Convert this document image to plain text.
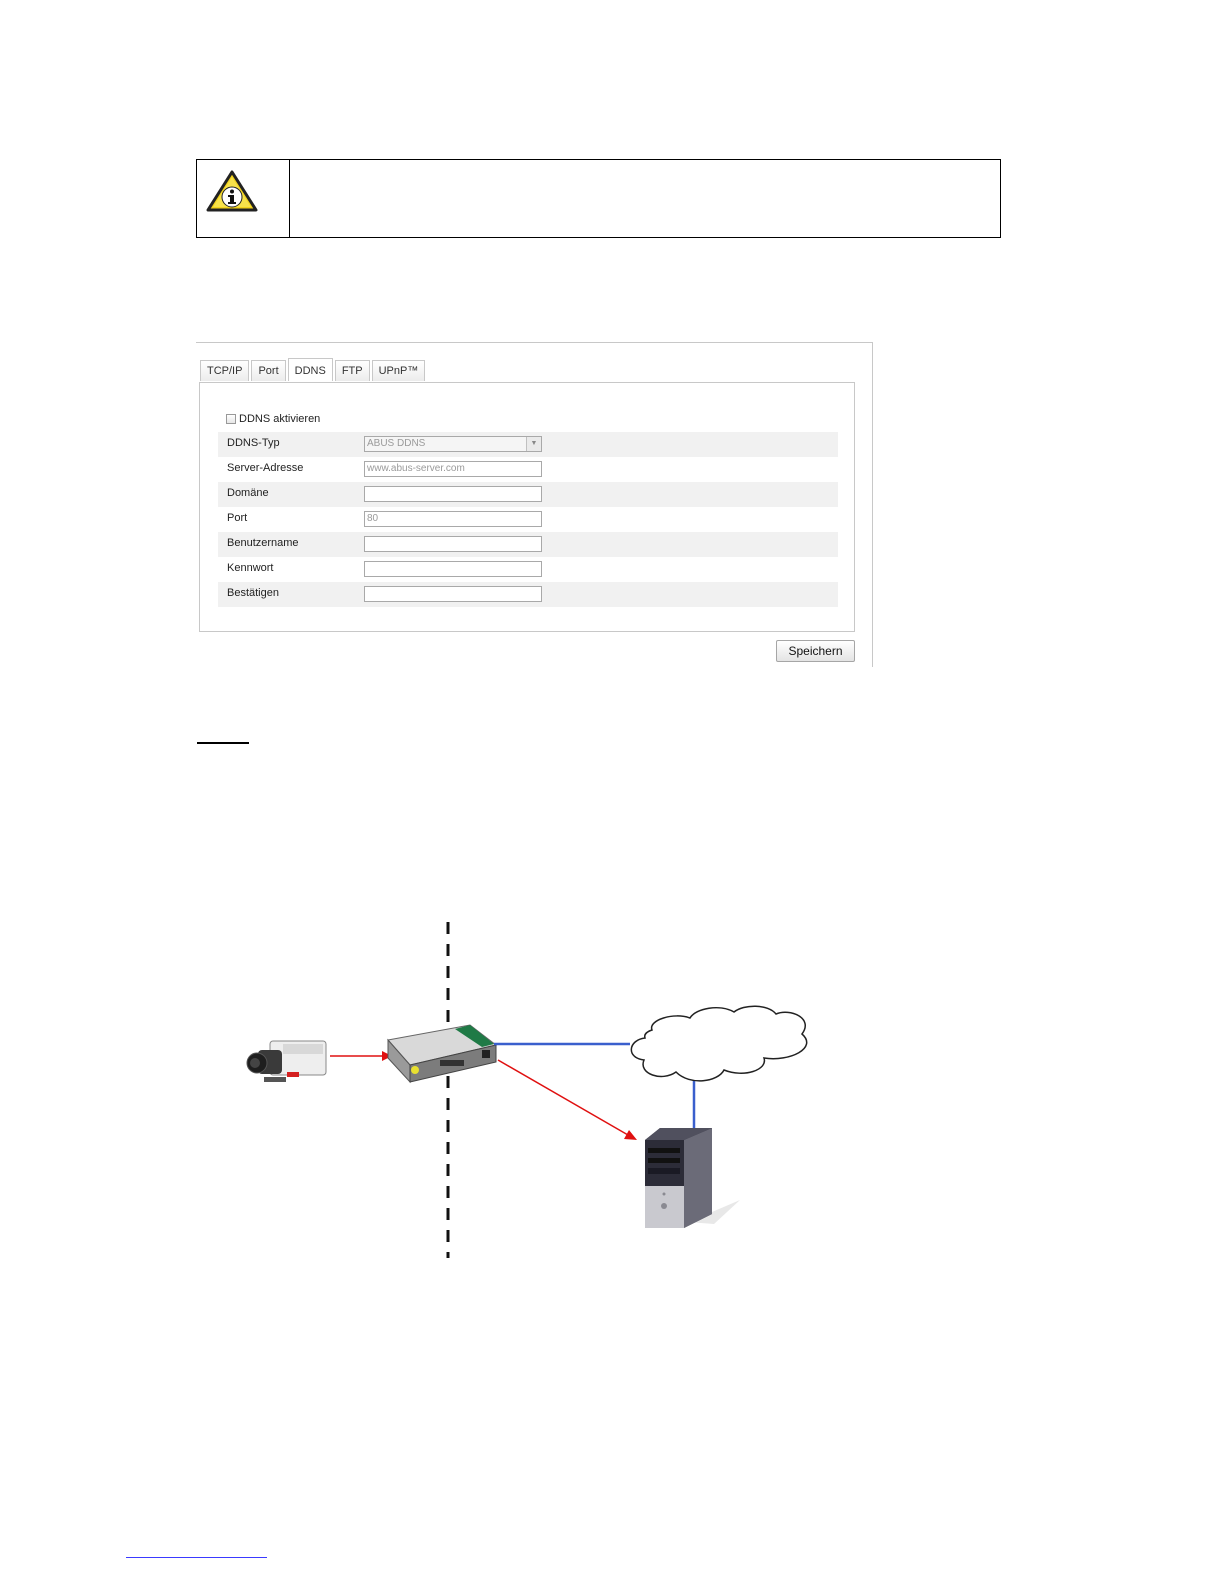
TCP/IP	Port	DDNS	FTP	UPnP™
DDNS aktivieren
DDNS-Typ	ABUS DDNS	▼
Server-Adresse	www.abus-server.com
Domäne
Port	80
Benutzername
Kennwort
Bestätigen
Speichern
